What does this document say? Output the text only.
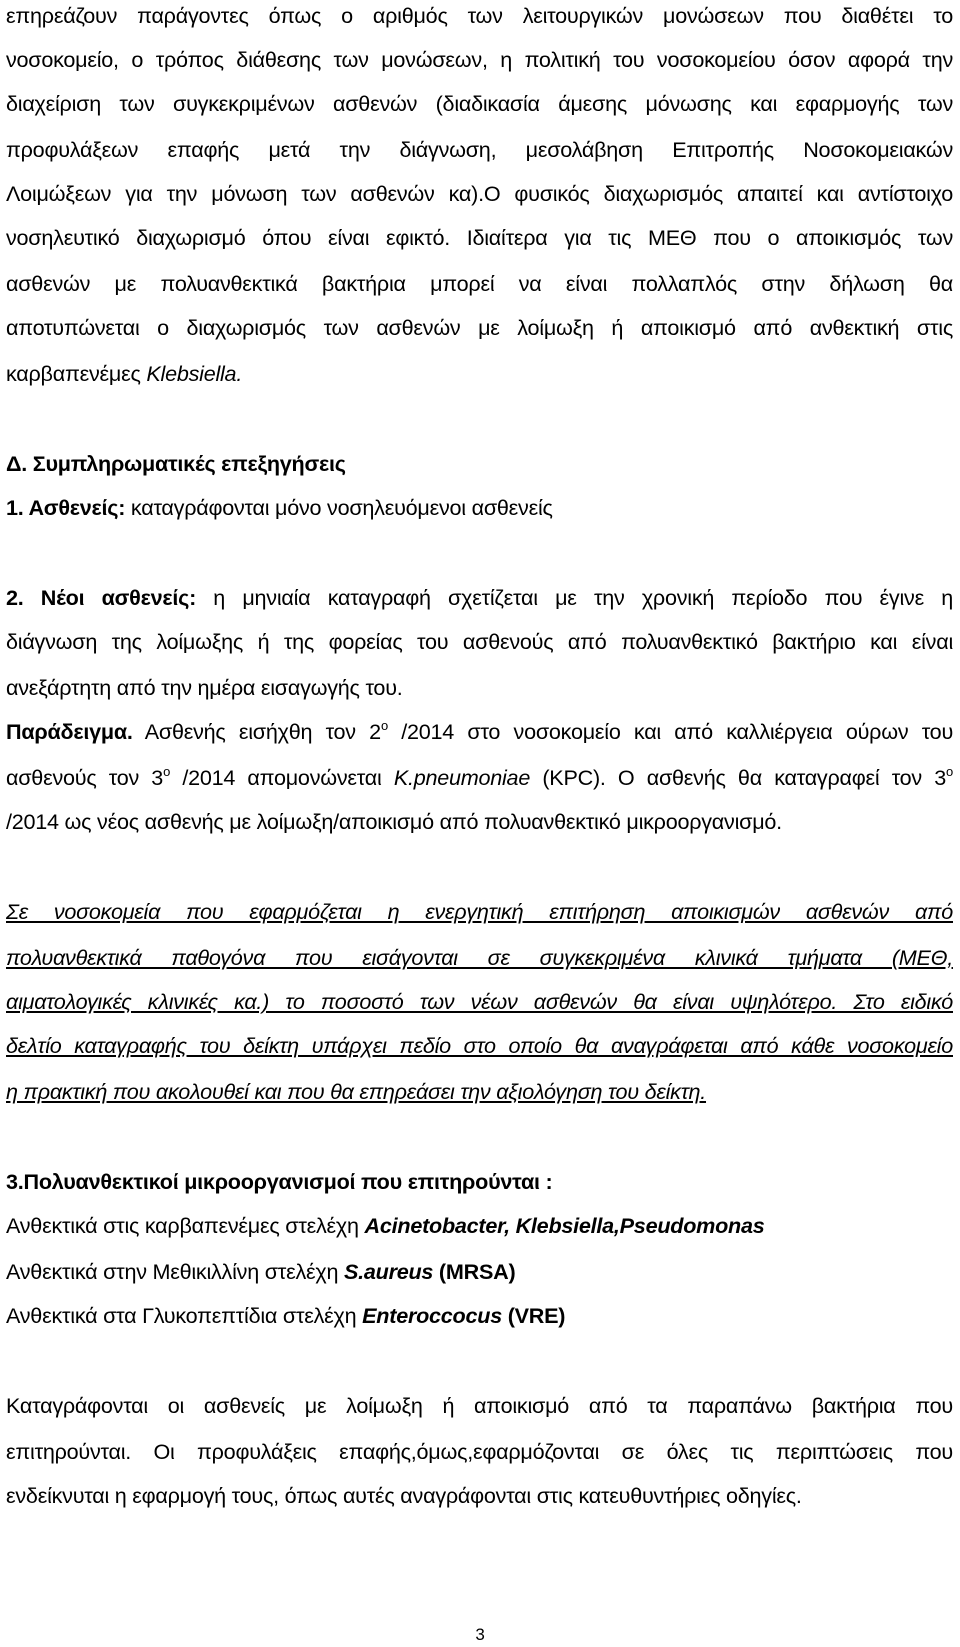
επηρεάζουν παράγοντες όπως ο αριθμός των λειτουργικών μονώσεων που διαθέτει το
νοσοκομείο, ο τρόπος διάθεσης των μονώσεων, η πολιτική του νοσοκομείου όσον αφορά την
διαχείριση των συγκεκριμένων ασθενών (διαδικασία άμεσης μόνωσης και εφαρμογής των
προφυλάξεων επαφής μετά την διάγνωση, μεσολάβηση Επιτροπής Νοσοκομειακών
Λοιμώξεων για την μόνωση των ασθενών κα).Ο φυσικός διαχωρισμός απαιτεί και αντίστοιχο
νοσηλευτικό διαχωρισμό όπου είναι εφικτό. Ιδιαίτερα για τις ΜΕΘ που ο αποικισμός των
ασθενών με πολυανθεκτικά βακτήρια μπορεί να είναι πολλαπλός στην δήλωση θα
αποτυπώνεται ο διαχωρισμός των ασθενών με λοίμωξη ή αποικισμό από ανθεκτική στις
καρβαπενέμες Klebsiella.
Δ. Συμπληρωματικές επεξηγήσεις
1. Ασθενείς: καταγράφονται μόνο νοσηλευόμενοι ασθενείς
2. Νέοι ασθενείς: η μηνιαία καταγραφή σχετίζεται με την χρονική περίοδο που έγινε η
διάγνωση της λοίμωξης ή της φορείας του ασθενούς από πολυανθεκτικό βακτήριο και είναι
ανεξάρτητη από την ημέρα εισαγωγής του.
Παράδειγμα. Ασθενής εισήχθη τον $2^o$ /2014 στο νοσοκομείο και από καλλιέργεια ούρων του
ασθενούς τον $3^o$ /2014 απομονώνεται K.pneumoniae (KPC). Ο ασθενής θα καταγραφεί τον $3^o$
/2014 ως νέος ασθενής με λοίμωξη/αποικισμό από πολυανθεκτικό μικροοργανισμό.
Σε νοσοκομεία που εφαρμόζεται η ενεργητική επιτήρηση αποικισμών ασθενών από
πολυανθεκτικά παθογόνα που εισάγονται σε συγκεκριμένα κλινικά τμήματα (ΜΕΘ,
αιματολογικές κλινικές κα.) το ποσοστό των νέων ασθενών θα είναι υψηλότερο. Στο ειδικό
δελτίο καταγραφής του δείκτη υπάρχει πεδίο στο οποίο θα αναγράφεται από κάθε νοσοκομείο
η πρακτική που ακολουθεί και που θα επηρεάσει την αξιολόγηση του δείκτη.
3.Πολυανθεκτικοί μικροοργανισμοί που επιτηρούνται :
Ανθεκτικά στις καρβαπενέμες στελέχη Acinetobacter, Klebsiella,Pseudomonas
Ανθεκτικά στην Μεθικιλλίνη στελέχη S.aureus (MRSA)
Ανθεκτικά στα Γλυκοπεπτίδια στελέχη Enteroccocus (VRE)
Καταγράφονται οι ασθενείς με λοίμωξη ή αποικισμό από τα παραπάνω βακτήρια που
επιτηρούνται. Οι προφυλάξεις επαφής,όμως,εφαρμόζονται σε όλες τις περιπτώσεις που
ενδείκνυται η εφαρμογή τους, όπως αυτές αναγράφονται στις κατευθυντήριες οδηγίες.
3
